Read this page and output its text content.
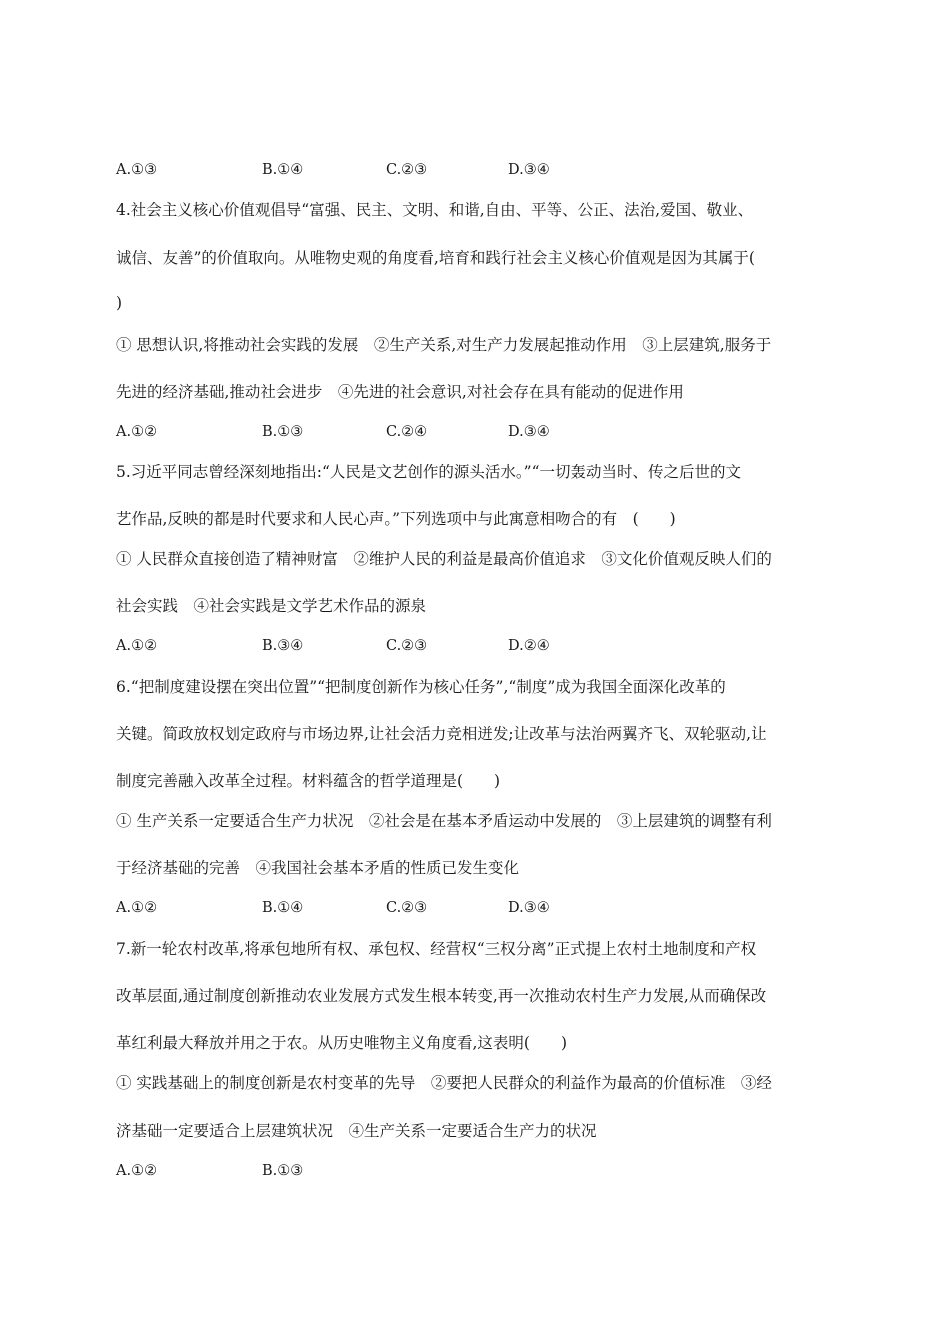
A.①③	B.①④	C.②③	D.③④
4.社会主义核心价值观倡导“富强、民主、文明、和谐,自由、平等、公正、法治,爱国、敬业、
诚信、友善”的价值取向。从唯物史观的角度看,培育和践行社会主义核心价值观是因为其属于(
)
① 思想认识,将推动社会实践的发展　②生产关系,对生产力发展起推动作用　③上层建筑,服务于
先进的经济基础,推动社会进步　④先进的社会意识,对社会存在具有能动的促进作用
A.①②	B.①③	C.②④	D.③④
5.习近平同志曾经深刻地指出:“人民是文艺创作的源头活水。”“一切轰动当时、传之后世的文
艺作品,反映的都是时代要求和人民心声。”下列选项中与此寓意相吻合的有　(　　)
① 人民群众直接创造了精神财富　②维护人民的利益是最高价值追求　③文化价值观反映人们的
社会实践　④社会实践是文学艺术作品的源泉
A.①②	B.③④	C.②③	D.②④
6.“把制度建设摆在突出位置”“把制度创新作为核心任务”,“制度”成为我国全面深化改革的
关键。简政放权划定政府与市场边界,让社会活力竞相迸发;让改革与法治两翼齐飞、双轮驱动,让
制度完善融入改革全过程。材料蕴含的哲学道理是(　　)
① 生产关系一定要适合生产力状况　②社会是在基本矛盾运动中发展的　③上层建筑的调整有利
于经济基础的完善　④我国社会基本矛盾的性质已发生变化
A.①②	B.①④	C.②③	D.③④
7.新一轮农村改革,将承包地所有权、承包权、经营权“三权分离”正式提上农村土地制度和产权
改革层面,通过制度创新推动农业发展方式发生根本转变,再一次推动农村生产力发展,从而确保改
革红利最大释放并用之于农。从历史唯物主义角度看,这表明(　　)
① 实践基础上的制度创新是农村变革的先导　②要把人民群众的利益作为最高的价值标准　③经
济基础一定要适合上层建筑状况　④生产关系一定要适合生产力的状况
A.①②	B.①③
